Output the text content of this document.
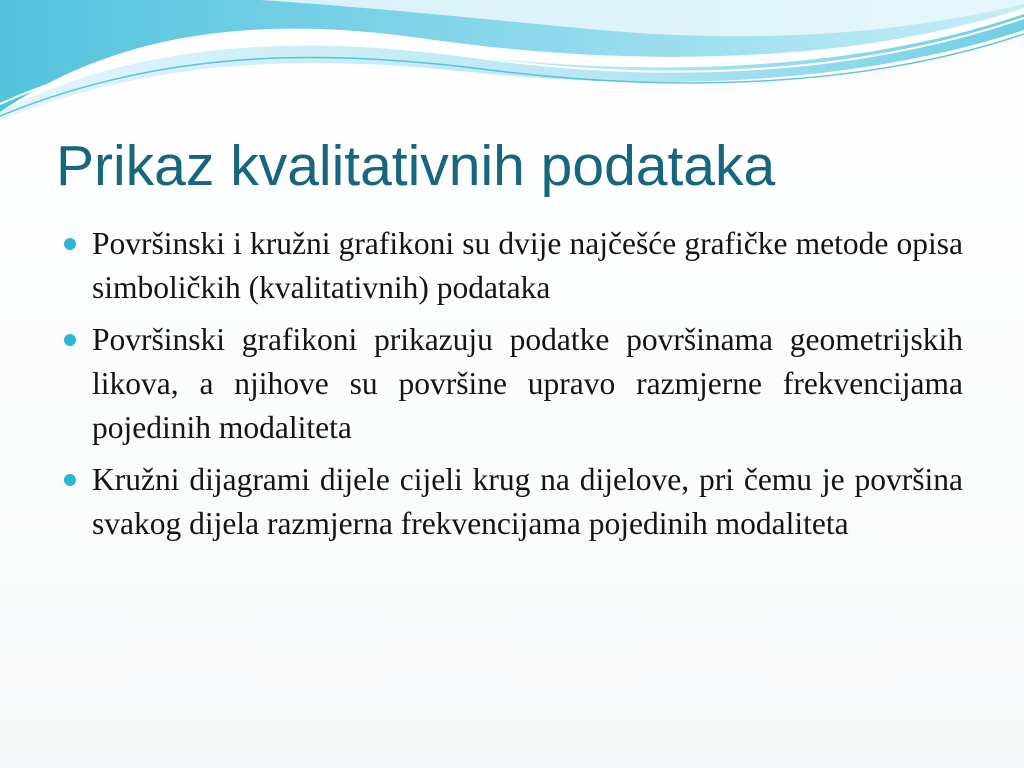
Prikaz kvalitativnih podataka
Površinski i kružni grafikoni su dvije najčešće grafičke metode opisa simboličkih (kvalitativnih) podataka
Površinski grafikoni prikazuju podatke površinama geometrijskih likova, a njihove su površine upravo razmjerne frekvencijama pojedinih modaliteta
Kružni dijagrami dijele cijeli krug na dijelove, pri čemu je površina svakog dijela razmjerna frekvencijama pojedinih modaliteta
